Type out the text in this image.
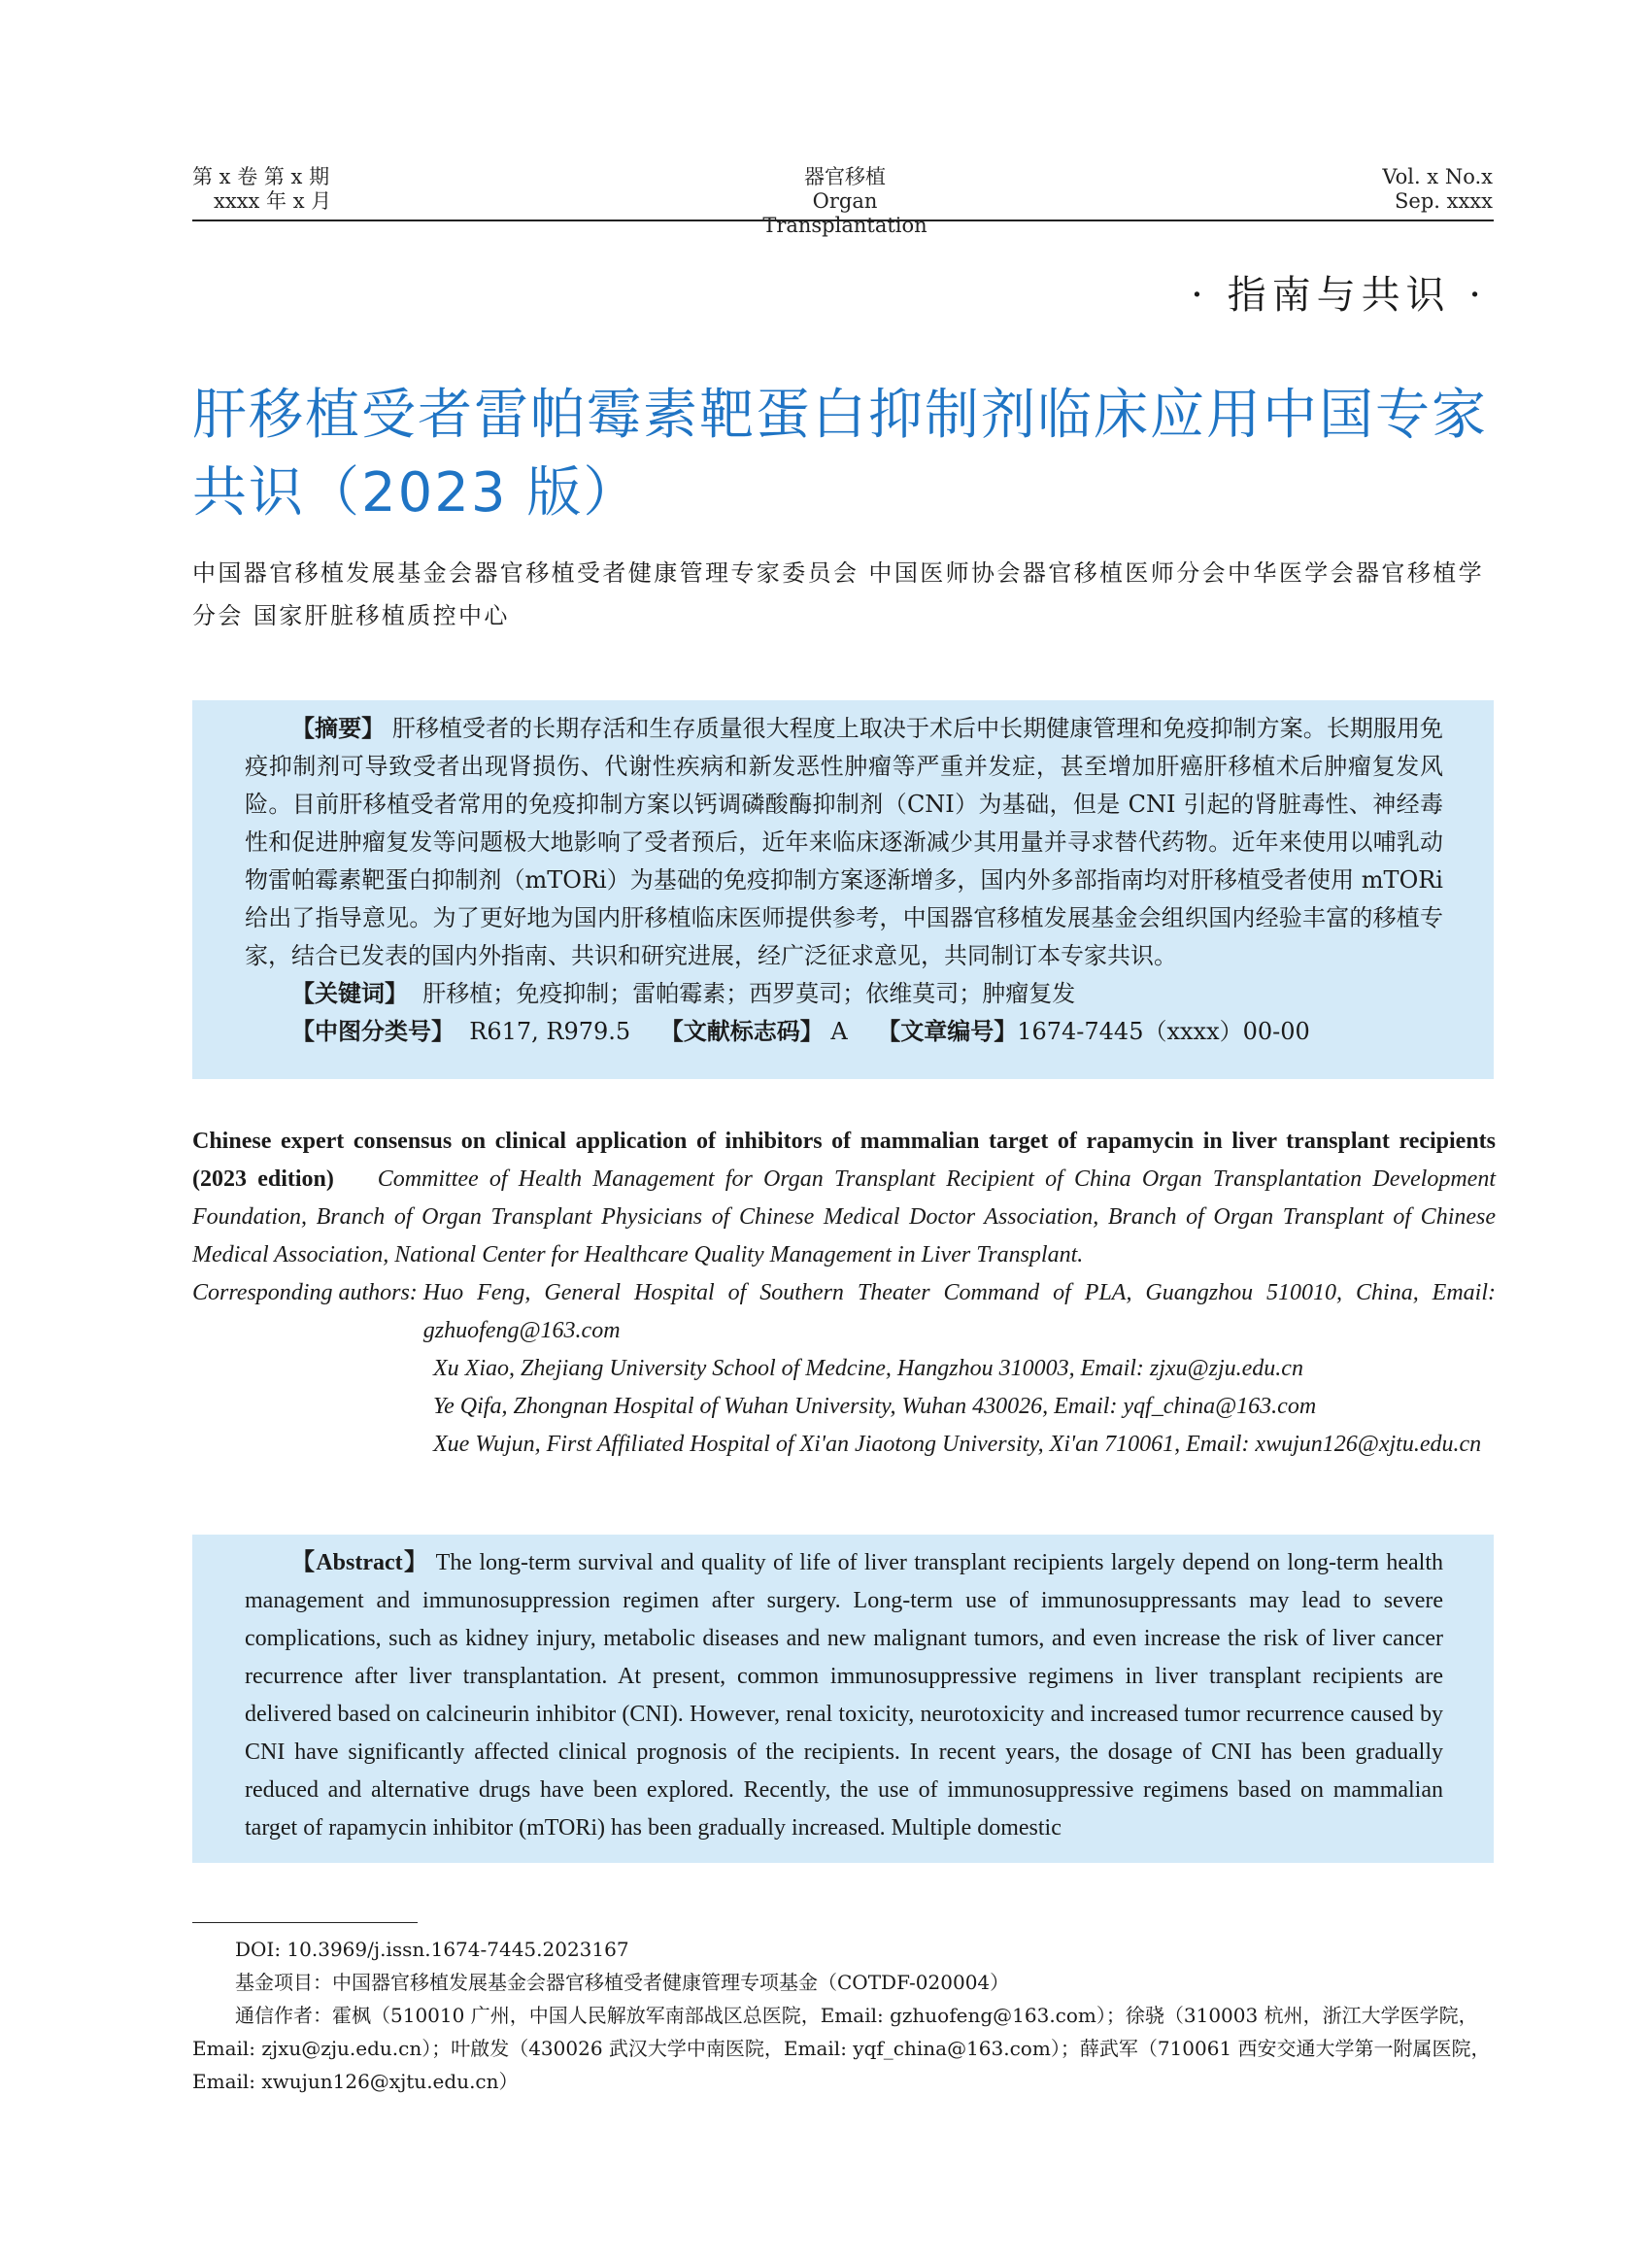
第 x 卷 第 x 期
xxxx 年 x 月
器官移植
Organ Transplantation
Vol. x No.x
Sep. xxxx
· 指南与共识 ·
肝移植受者雷帕霉素靶蛋白抑制剂临床应用中国专家共识（2023 版）
中国器官移植发展基金会器官移植受者健康管理专家委员会 中国医师协会器官移植医师分会中华医学会器官移植学分会 国家肝脏移植质控中心

【摘要】 肝移植受者的长期存活和生存质量很大程度上取决于术后中长期健康管理和免疫抑制方案。长期服用免疫抑制剂可导致受者出现肾损伤、代谢性疾病和新发恶性肿瘤等严重并发症，甚至增加肝癌肝移植术后肿瘤复发风险。目前肝移植受者常用的免疫抑制方案以钙调磷酸酶抑制剂（CNI）为基础，但是 CNI 引起的肾脏毒性、神经毒性和促进肿瘤复发等问题极大地影响了受者预后，近年来临床逐渐减少其用量并寻求替代药物。近年来使用以哺乳动物雷帕霉素靶蛋白抑制剂（mTORi）为基础的免疫抑制方案逐渐增多，国内外多部指南均对肝移植受者使用 mTORi 给出了指导意见。为了更好地为国内肝移植临床医师提供参考，中国器官移植发展基金会组织国内经验丰富的移植专家，结合已发表的国内外指南、共识和研究进展，经广泛征求意见，共同制订本专家共识。

【关键词】 肝移植；免疫抑制；雷帕霉素；西罗莫司；依维莫司；肿瘤复发

【中图分类号】 R617, R979.5 【文献标志码】 A 【文章编号】1674-7445（xxxx）00-00

Chinese expert consensus on clinical application of inhibitors of mammalian target of rapamycin in liver transplant recipients (2023 edition) Committee of Health Management for Organ Transplant Recipient of China Organ Transplantation Development Foundation, Branch of Organ Transplant Physicians of Chinese Medical Doctor Association, Branch of Organ Transplant of Chinese Medical Association, National Center for Healthcare Quality Management in Liver Transplant.

Corresponding authors: Huo Feng, General Hospital of Southern Theater Command of PLA, Guangzhou 510010, China, Email: gzhuofeng@163.com
Xu Xiao, Zhejiang University School of Medcine, Hangzhou 310003, Email: zjxu@zju.edu.cn
Ye Qifa, Zhongnan Hospital of Wuhan University, Wuhan 430026, Email: yqf_china@163.com
Xue Wujun, First Affiliated Hospital of Xi'an Jiaotong University, Xi'an 710061, Email: xwujun126@xjtu.edu.cn

【Abstract】 The long-term survival and quality of life of liver transplant recipients largely depend on long-term health management and immunosuppression regimen after surgery. Long-term use of immunosuppressants may lead to severe complications, such as kidney injury, metabolic diseases and new malignant tumors, and even increase the risk of liver cancer recurrence after liver transplantation. At present, common immunosuppressive regimens in liver transplant recipients are delivered based on calcineurin inhibitor (CNI). However, renal toxicity, neurotoxicity and increased tumor recurrence caused by CNI have significantly affected clinical prognosis of the recipients. In recent years, the dosage of CNI has been gradually reduced and alternative drugs have been explored. Recently, the use of immunosuppressive regimens based on mammalian target of rapamycin inhibitor (mTORi) has been gradually increased. Multiple domestic

DOI: 10.3969/j.issn.1674-7445.2023167

基金项目：中国器官移植发展基金会器官移植受者健康管理专项基金（COTDF-020004）

通信作者：霍枫（510010 广州，中国人民解放军南部战区总医院，Email: gzhuofeng@163.com）；徐骁（310003 杭州，浙江大学医学院，Email: zjxu@zju.edu.cn）；叶啟发（430026 武汉大学中南医院，Email: yqf_china@163.com）；薛武军（710061 西安交通大学第一附属医院，Email: xwujun126@xjtu.edu.cn）
